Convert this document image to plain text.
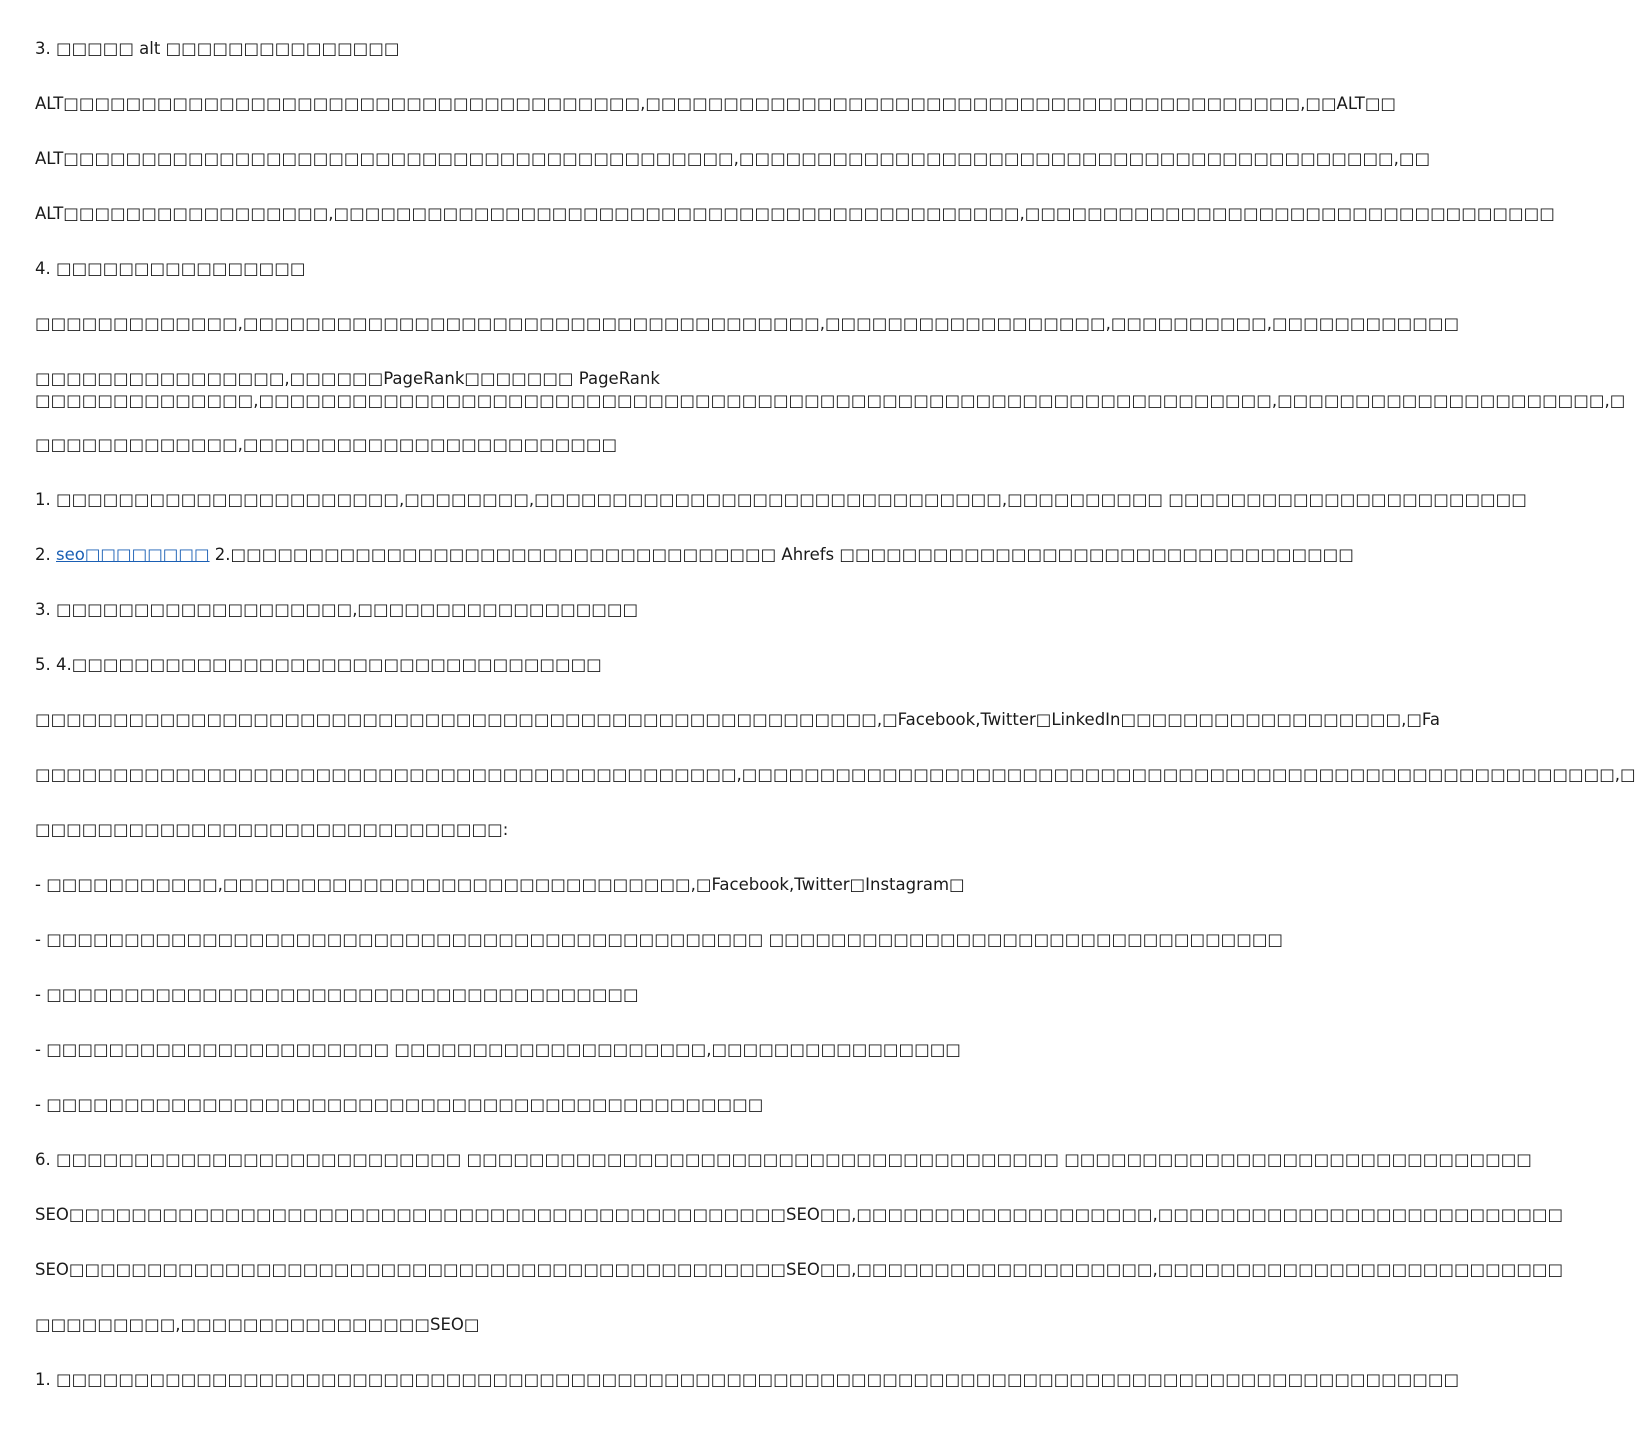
3. □□□□□ alt □□□□□□□□□□□□□□□

ALT□□□□□□□□□□□□□□□□□□□□□□□□□□□□□□□□□□□□□,□□□□□□□□□□□□□□□□□□□□□□□□□□□□□□□□□□□□□□□□□□,□□ALT□□

ALT□□□□□□□□□□□□□□□□□□□□□□□□□□□□□□□□□□□□□□□□□□□,□□□□□□□□□□□□□□□□□□□□□□□□□□□□□□□□□□□□□□□□□□,□□

ALT□□□□□□□□□□□□□□□□□,□□□□□□□□□□□□□□□□□□□□□□□□□□□□□□□□□□□□□□□□□□□□,□□□□□□□□□□□□□□□□□□□□□□□□□□□□□□□□□□

4. □□□□□□□□□□□□□□□□

□□□□□□□□□□□□□,□□□□□□□□□□□□□□□□□□□□□□□□□□□□□□□□□□□□□,□□□□□□□□□□□□□□□□□□,□□□□□□□□□□,□□□□□□□□□□□□

□□□□□□□□□□□□□□□□,□□□□□□PageRank□□□□□□□ PageRank
□□□□□□□□□□□□□□,□□□□□□□□□□□□□□□□□□□□□□□□□□□□□□□□□□□□□□□□□□□□□□□□□□□□□□□□□□□□□□□□□,□□□□□□□□□□□□□□□□□□□□□,□

□□□□□□□□□□□□□,□□□□□□□□□□□□□□□□□□□□□□□□

1. □□□□□□□□□□□□□□□□□□□□□□,□□□□□□□□,□□□□□□□□□□□□□□□□□□□□□□□□□□□□□□,□□□□□□□□□□ □□□□□□□□□□□□□□□□□□□□□□□

2. seo□□□□□□□□ 2.□□□□□□□□□□□□□□□□□□□□□□□□□□□□□□□□□□□ Ahrefs □□□□□□□□□□□□□□□□□□□□□□□□□□□□□□□□□

3. □□□□□□□□□□□□□□□□□□□,□□□□□□□□□□□□□□□□□□

5. 4.□□□□□□□□□□□□□□□□□□□□□□□□□□□□□□□□□□

□□□□□□□□□□□□□□□□□□□□□□□□□□□□□□□□□□□□□□□□□□□□□□□□□□□□□□,□Facebook,Twitter□LinkedIn□□□□□□□□□□□□□□□□□□,□Fa

□□□□□□□□□□□□□□□□□□□□□□□□□□□□□□□□□□□□□□□□□□□□□,□□□□□□□□□□□□□□□□□□□□□□□□□□□□□□□□□□□□□□□□□□□□□□□□□□□□□□□□,□

□□□□□□□□□□□□□□□□□□□□□□□□□□□□□□:

- □□□□□□□□□□□,□□□□□□□□□□□□□□□□□□□□□□□□□□□□□□,□Facebook,Twitter□Instagram□

- □□□□□□□□□□□□□□□□□□□□□□□□□□□□□□□□□□□□□□□□□□□□□□ □□□□□□□□□□□□□□□□□□□□□□□□□□□□□□□□□

- □□□□□□□□□□□□□□□□□□□□□□□□□□□□□□□□□□□□□□

- □□□□□□□□□□□□□□□□□□□□□□ □□□□□□□□□□□□□□□□□□□□,□□□□□□□□□□□□□□□□

- □□□□□□□□□□□□□□□□□□□□□□□□□□□□□□□□□□□□□□□□□□□□□□

6. □□□□□□□□□□□□□□□□□□□□□□□□□□ □□□□□□□□□□□□□□□□□□□□□□□□□□□□□□□□□□□□□□ □□□□□□□□□□□□□□□□□□□□□□□□□□□□□□

SEO□□□□□□□□□□□□□□□□□□□□□□□□□□□□□□□□□□□□□□□□□□□□□□SEO□□,□□□□□□□□□□□□□□□□□□□,□□□□□□□□□□□□□□□□□□□□□□□□□□

SEO□□□□□□□□□□□□□□□□□□□□□□□□□□□□□□□□□□□□□□□□□□□□□□SEO□□,□□□□□□□□□□□□□□□□□□□,□□□□□□□□□□□□□□□□□□□□□□□□□□

□□□□□□□□□,□□□□□□□□□□□□□□□□SEO□

1. □□□□□□□□□□□□□□□□□□□□□□□□□□□□□□□□□□□□□□□□□□□□□□□□□□□□□□□□□□□□□□□□□□□□□□□□□□□□□□□□□□□□□□□□□□
